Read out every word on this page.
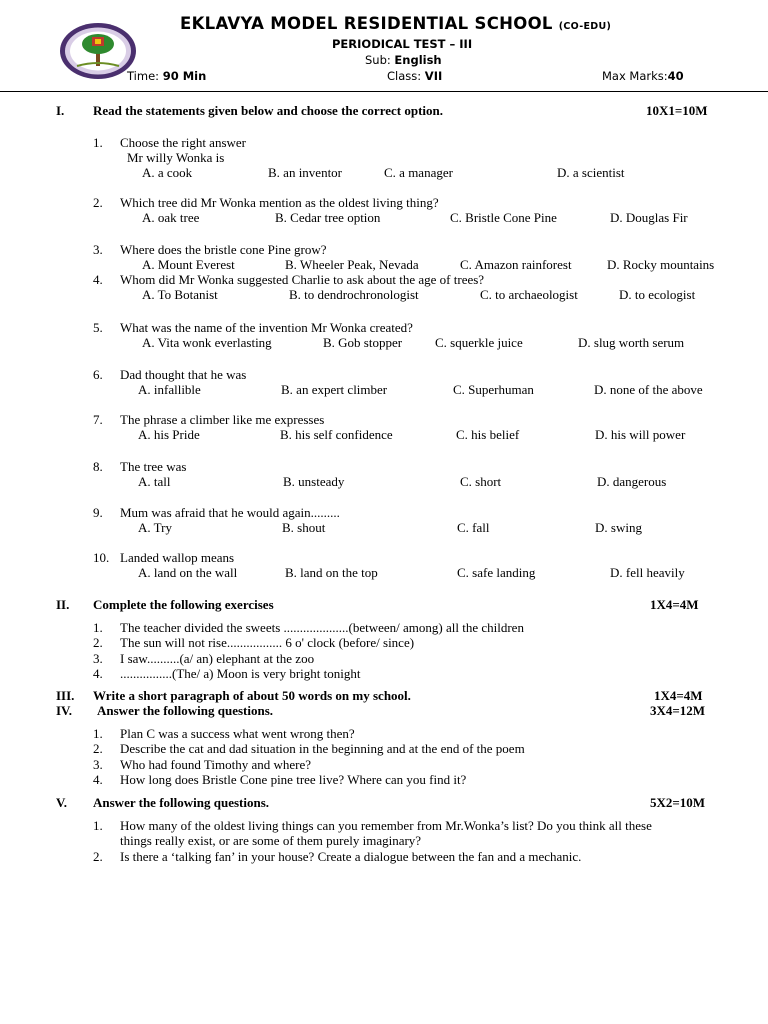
EKLAVYA MODEL RESIDENTIAL SCHOOL (CO-EDU)
PERIODICAL TEST – III
Sub: English
Time: 90 Min	Class: VII	Max Marks:40
I. Read the statements given below and choose the correct option.	10X1=10M
1. Choose the right answer
Mr willy Wonka is
A. a cook	B. an inventor	C. a manager	D. a scientist
2. Which tree did Mr Wonka mention as the oldest living thing?
A. oak tree	B. Cedar tree option	C. Bristle Cone Pine	D. Douglas Fir
3. Where does the bristle cone Pine grow?
A. Mount Everest	B. Wheeler Peak, Nevada	C. Amazon rainforest	D. Rocky mountains
4. Whom did Mr Wonka suggested Charlie to ask about the age of trees?
A. To Botanist	B. to dendrochronologist	C. to archaeologist	D. to ecologist
5. What was the name of the invention Mr Wonka created?
A. Vita wonk everlasting	B. Gob stopper	C. squerkle juice	D. slug worth serum
6. Dad thought that he was
A. infallible	B. an expert climber	C. Superhuman	D. none of the above
7. The phrase a climber like me expresses
A. his Pride	B. his self confidence	C. his belief	D. his will power
8. The tree was
A. tall	B. unsteady	C. short	D. dangerous
9. Mum was afraid that he would again.........
A. Try	B. shout	C. fall	D. swing
10. Landed wallop means
A. land on the wall	B. land on the top	C. safe landing	D. fell heavily
II. Complete the following exercises	1X4=4M
1. The teacher divided the sweets ....................(between/ among) all the children
2. The sun will not rise................. 6 o' clock (before/ since)
3. I saw..........(a/ an) elephant at the zoo
4. ................(The/ a) Moon is very bright tonight
III. Write a short paragraph of about 50 words on my school.	1X4=4M
IV. Answer the following questions.	3X4=12M
1. Plan C was a success what went wrong then?
2. Describe the cat and dad situation in the beginning and at the end of the poem
3. Who had found Timothy and where?
4. How long does Bristle Cone pine tree live? Where can you find it?
V. Answer the following questions.	5X2=10M
1. How many of the oldest living things can you remember from Mr.Wonka’s list? Do you think all these
things really exist, or are some of them purely imaginary?
2. Is there a ‘talking fan’ in your house? Create a dialogue between the fan and a mechanic.
